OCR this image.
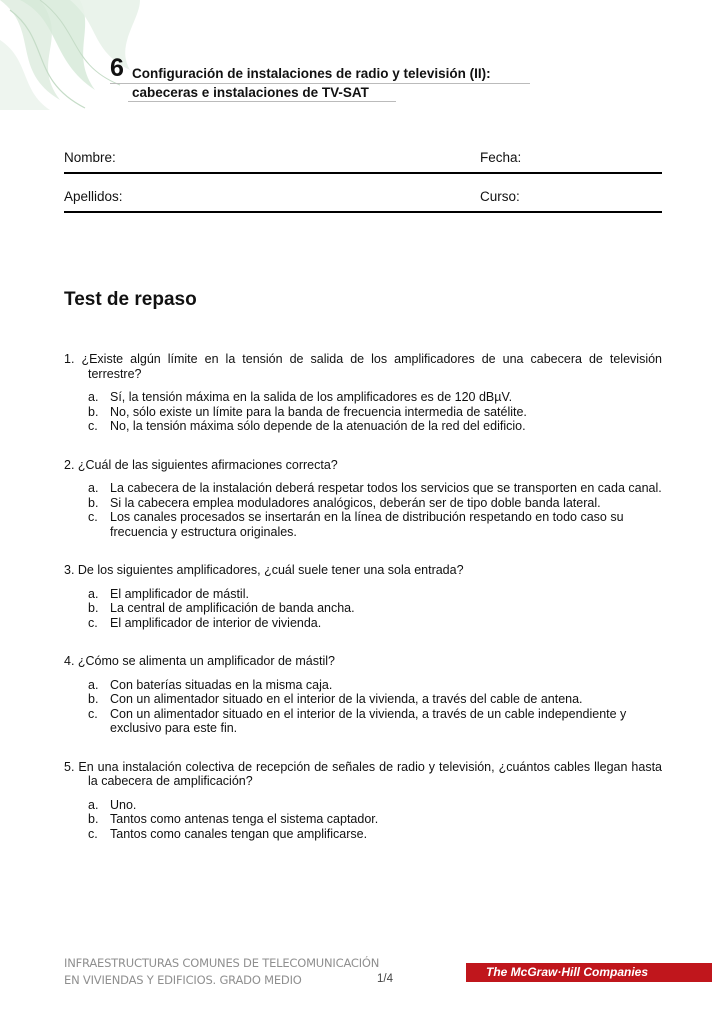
6 Configuración de instalaciones de radio y televisión (II):
cabeceras e instalaciones de TV-SAT
Nombre:	Fecha:
Apellidos:	Curso:
Test de repaso
1. ¿Existe algún límite en la tensión de salida de los amplificadores de una cabecera de televisión terrestre?
a. Sí, la tensión máxima en la salida de los amplificadores es de 120 dBµV.
b. No, sólo existe un límite para la banda de frecuencia intermedia de satélite.
c. No, la tensión máxima sólo depende de la atenuación de la red del edificio.
2. ¿Cuál de las siguientes afirmaciones correcta?
a. La cabecera de la instalación deberá respetar todos los servicios que se transporten en cada canal.
b. Si la cabecera emplea moduladores analógicos, deberán ser de tipo doble banda lateral.
c. Los canales procesados se insertarán en la línea de distribución respetando en todo caso su frecuencia y estructura originales.
3. De los siguientes amplificadores, ¿cuál suele tener una sola entrada?
a. El amplificador de mástil.
b. La central de amplificación de banda ancha.
c. El amplificador de interior de vivienda.
4. ¿Cómo se alimenta un amplificador de mástil?
a. Con baterías situadas en la misma caja.
b. Con un alimentador situado en el interior de la vivienda, a través del cable de antena.
c. Con un alimentador situado en el interior de la vivienda, a través de un cable independiente y exclusivo para este fin.
5. En una instalación colectiva de recepción de señales de radio y televisión, ¿cuántos cables llegan hasta la cabecera de amplificación?
a. Uno.
b. Tantos como antenas tenga el sistema captador.
c. Tantos como canales tengan que amplificarse.
INFRAESTRUCTURAS COMUNES DE TELECOMUNICACIÓN
EN VIVIENDAS Y EDIFICIOS. GRADO MEDIO	1/4	The McGraw·Hill Companies
